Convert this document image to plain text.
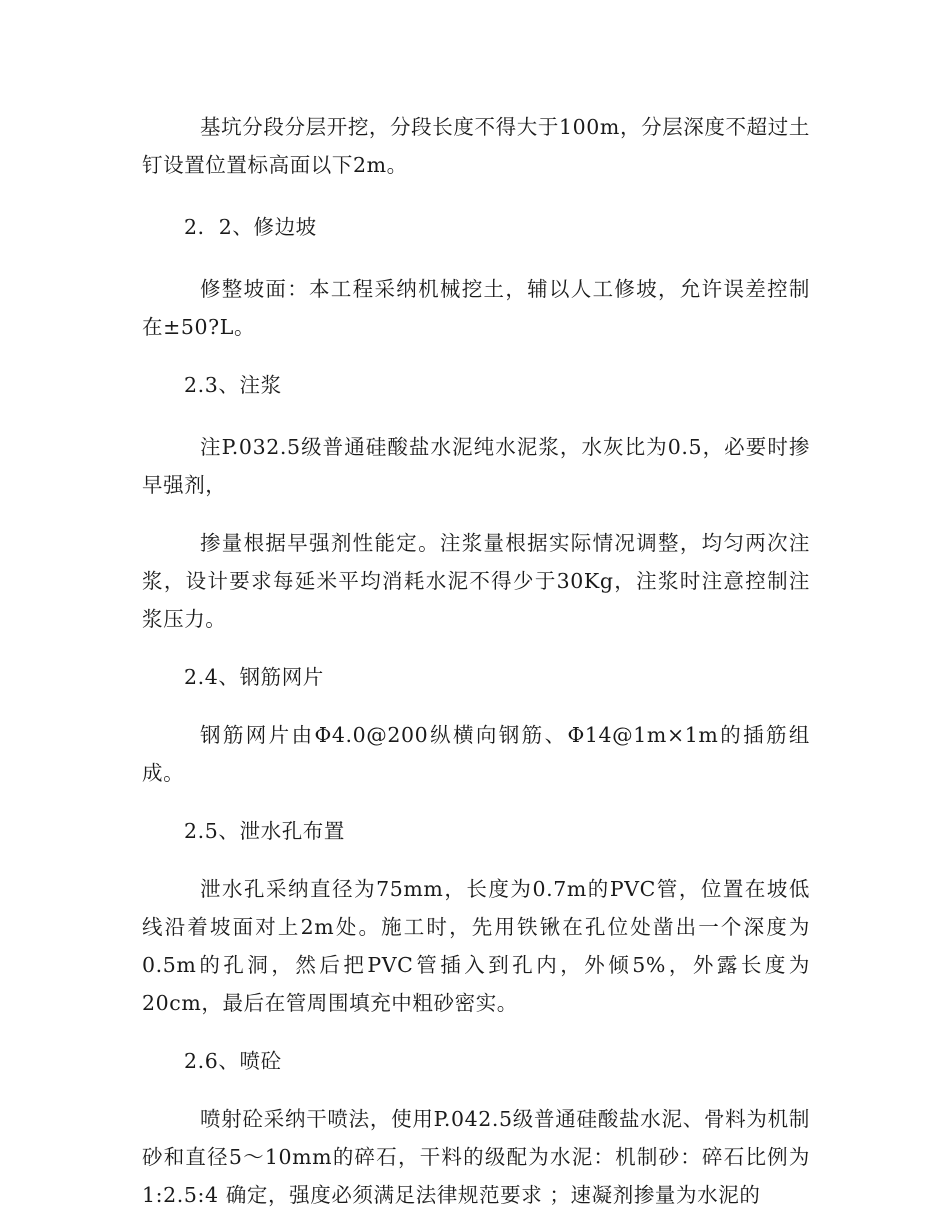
基坑分段分层开挖，分段长度不得大于100m，分层深度不超过土钉设置位置标高面以下2m。

2．2、修边坡

修整坡面：本工程采纳机械挖土，辅以人工修坡，允许误差控制在±50?L。

2.3、注浆

注P.032.5级普通硅酸盐水泥纯水泥浆，水灰比为0.5，必要时掺早强剂，

掺量根据早强剂性能定。注浆量根据实际情况调整，均匀两次注浆，设计要求每延米平均消耗水泥不得少于30Kg，注浆时注意控制注浆压力。

2.4、钢筋网片

钢筋网片由Φ4.0@200纵横向钢筋、Φ14@1m×1m的插筋组成。

2.5、泄水孔布置

泄水孔采纳直径为75mm，长度为0.7m的PVC管，位置在坡低线沿着坡面对上2m处。施工时，先用铁锹在孔位处凿出一个深度为0.5m的孔洞，然后把PVC管插入到孔内，外倾5%，外露长度为20cm，最后在管周围填充中粗砂密实。

2.6、喷砼

喷射砼采纳干喷法，使用P.042.5级普通硅酸盐水泥、骨料为机制砂和直径5～10mm的碎石，干料的级配为水泥：机制砂：碎石比例为1:2.5:4 确定，强度必须满足法律规范要求 ；速凝剂掺量为水泥的
